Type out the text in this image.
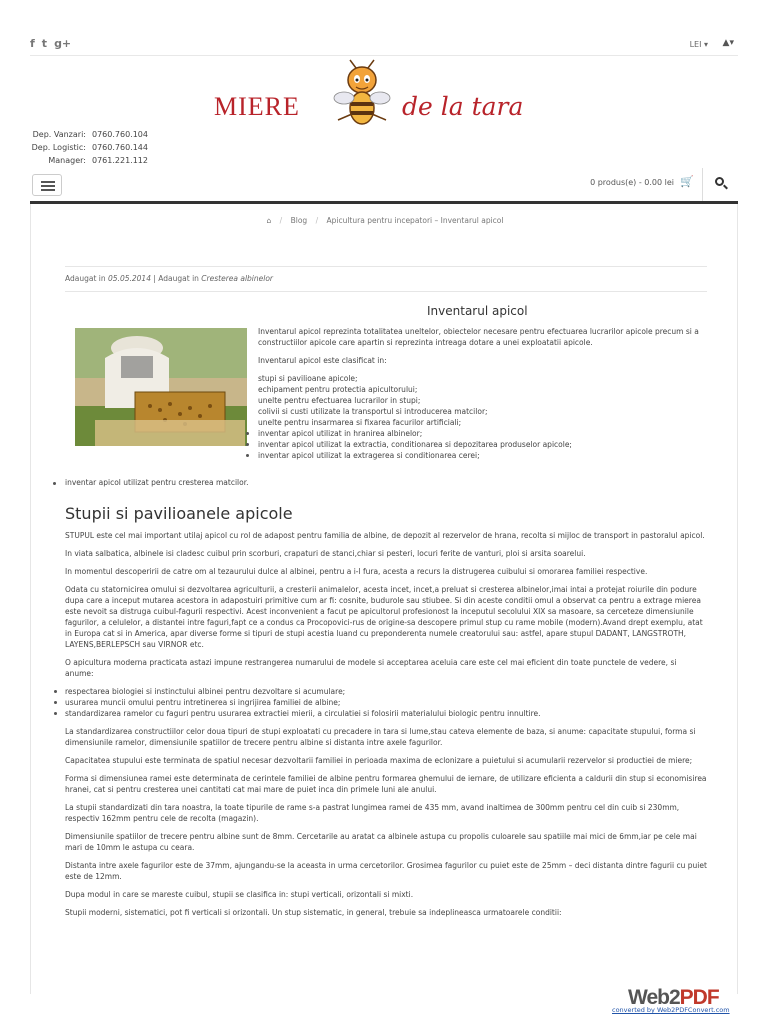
f t g+	LEI ▾ ▲▾
MIERE	de la tara
Dep. Vanzari: 0760.760.104
Dep. Logistic: 0760.760.144
Manager: 0761.221.112
0 produs(e) - 0.00 lei 🛒
⌂ / Blog / Apicultura pentru incepatori – Inventarul apicol
Adaugat in 05.05.2014 | Adaugat in Cresterea albinelor
Inventarul apicol

Inventarul apicol reprezinta totalitatea uneltelor, obiectelor necesare pentru efectuarea lucrarilor apicole precum si a constructiilor apicole care apartin si reprezinta intreaga dotare a unei exploatatii apicole.

Inventarul apicol este clasificat in:

stupi si pavilioane apicole;
echipament pentru protectia apicultorului;
unelte pentru efectuarea lucrarilor in stupi;
colivii si custi utilizate la transportul si introducerea matcilor;
unelte pentru insarmarea si fixarea facurilor artificiali;
inventar apicol utilizat in hranirea albinelor;
inventar apicol utilizat la extractia, conditionarea si depozitarea produselor apicole;
inventar apicol utilizat la extragerea si conditionarea cerei;
inventar apicol utilizat pentru cresterea matcilor.
Stupii si pavilioanele apicole

STUPUL este cel mai important utilaj apicol cu rol de adapost pentru familia de albine, de depozit al rezervelor de hrana, recolta si mijloc de transport in pastoralul apicol.

In viata salbatica, albinele isi cladesc cuibul prin scorburi, crapaturi de stanci,chiar si pesteri, locuri ferite de vanturi, ploi si arsita soarelui.

In momentul descoperirii de catre om al tezaurului dulce al albinei, pentru a i-l fura, acesta a recurs la distrugerea cuibului si omorarea familiei respective.

Odata cu statornicirea omului si dezvoltarea agriculturii, a cresterii animalelor, acesta incet, incet,a preluat si cresterea albinelor,imai intai a protejat roiurile din podure dupa care a inceput mutarea acestora in adapostuiri primitive cum ar fi: cosnite, budurole sau stiubee. Si din aceste conditii omul a observat ca pentru a extrage mierea este nevoit sa distruga cuibul-fagurii respectivi. Acest inconvenient a facut pe apicultorul profesionost la inceputul secolului XIX sa masoare, sa cerceteze dimensiunile fagurilor, a celulelor, a distantei intre faguri,fapt ce a condus ca Procopovici-rus de origine-sa descopere primul stup cu rame mobile (modern).Avand drept exemplu, atat in Europa cat si in America, apar diverse forme si tipuri de stupi acestia luand cu preponderenta numele creatorului sau: astfel, apare stupul DADANT, LANGSTROTH, LAYENS,BERLEPSCH sau VIRNOR etc.

O apicultura moderna practicata astazi impune restrangerea numarului de modele si acceptarea aceluia care este cel mai eficient din toate punctele de vedere, si anume:

respectarea biologiei si instinctului albinei pentru dezvoltare si acumulare;
usurarea muncii omului pentru intretinerea si ingrijirea familiei de albine;
standardizarea ramelor cu faguri pentru usurarea extractiei mierii, a circulatiei si folosirii materialului biologic pentru innultire.

La standardizarea constructiilor celor doua tipuri de stupi exploatati cu precadere in tara si lume,stau cateva elemente de baza, si anume: capacitate stupului, forma si dimensiunile ramelor, dimensiunile spatiilor de trecere pentru albine si distanta intre axele fagurilor.

Capacitatea stupului este terminata de spatiul necesar dezvoltarii familiei in perioada maxima de eclonizare a puietului si acumularii rezervelor si productiei de miere;

Forma si dimensiunea ramei este determinata de cerintele familiei de albine pentru formarea ghemului de iernare, de utilizare eficienta a caldurii din stup si economisirea hranei, cat si pentru cresterea unei cantitati cat mai mare de puiet inca din primele luni ale anului.

La stupii standardizati din tara noastra, la toate tipurile de rame s-a pastrat lungimea ramei de 435 mm, avand inaltimea de 300mm pentru cel din cuib si 230mm, respectiv 162mm pentru cele de recolta (magazin).

Dimensiunile spatiilor de trecere pentru albine sunt de 8mm. Cercetarile au aratat ca albinele astupa cu propolis culoarele sau spatiile mai mici de 6mm,iar pe cele mai mari de 10mm le astupa cu ceara.

Distanta intre axele fagurilor este de 37mm, ajungandu-se la aceasta in urma cercetorilor. Grosimea fagurilor cu puiet este de 25mm – deci distanta dintre fagurii cu puiet este de 12mm.

Dupa modul in care se mareste cuibul, stupii se clasifica in: stupi verticali, orizontali si mixti.

Stupii moderni, sistematici, pot fi verticali si orizontali. Un stup sistematic, in general, trebuie sa indeplineasca urmatoarele conditii:

Web2PDF
converted by Web2PDFConvert.com
